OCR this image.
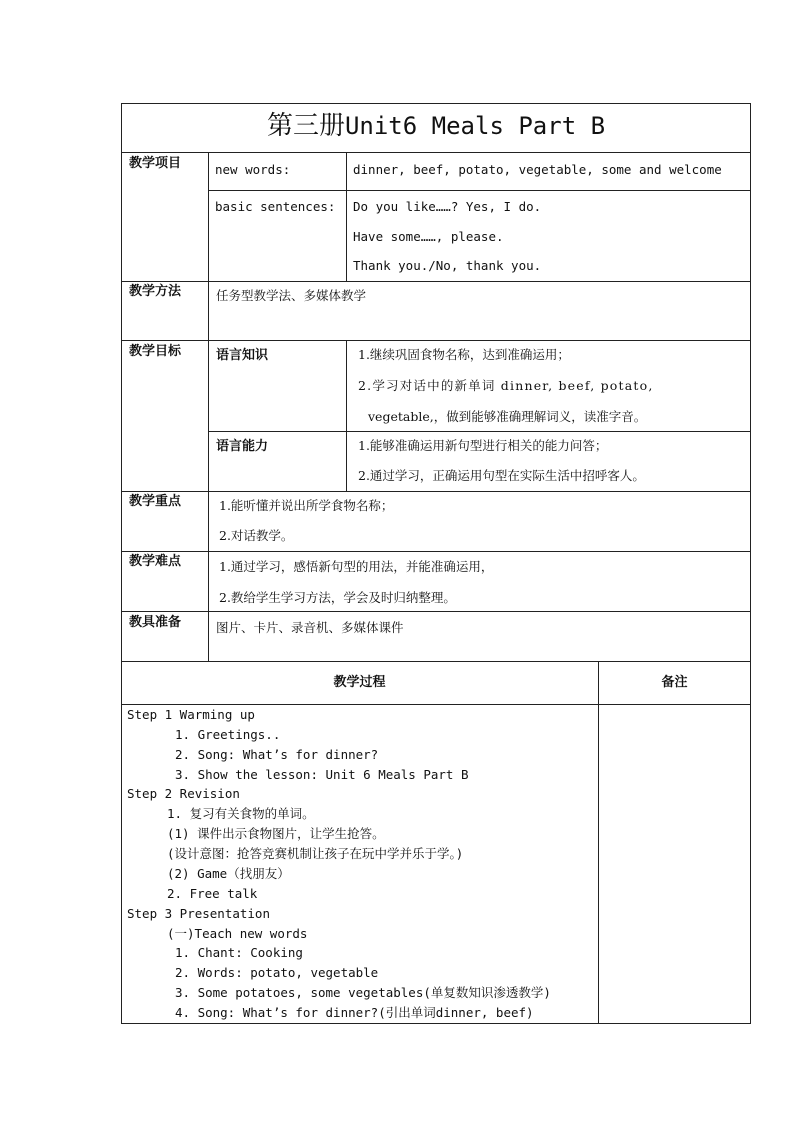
第三册Unit6 Meals Part B
教学项目	new words:	dinner, beef, potato, vegetable, some and welcome
basic sentences: Do you like……? Yes, I do.
Have some……, please.
Thank you./No, thank you.
教学方法	任务型教学法、多媒体教学
教学目标	语言知识	1.继续巩固食物名称，达到准确运用；
2.学习对话中的新单词 dinner, beef, potato,
vegetable,，做到能够准确理解词义，读准字音。
语言能力	1.能够准确运用新句型进行相关的能力问答；
2.通过学习，正确运用句型在实际生活中招呼客人。
教学重点	1.能听懂并说出所学食物名称；
2.对话教学。
教学难点	1.通过学习，感悟新句型的用法，并能准确运用，
2.教给学生学习方法，学会及时归纳整理。
教具准备	图片、卡片、录音机、多媒体课件
教学过程	备注
Step 1 Warming up
1. Greetings..
2. Song: What’s for dinner?
3. Show the lesson: Unit 6 Meals Part B
Step 2 Revision
1. 复习有关食物的单词。
(1) 课件出示食物图片，让学生抢答。
(设计意图：抢答竞赛机制让孩子在玩中学并乐于学。)
(2) Game（找朋友）
2. Free talk
Step 3 Presentation
(一)Teach new words
1. Chant: Cooking
2. Words: potato, vegetable
3. Some potatoes, some vegetables(单复数知识渗透教学)
4. Song: What’s for dinner?(引出单词dinner, beef)
